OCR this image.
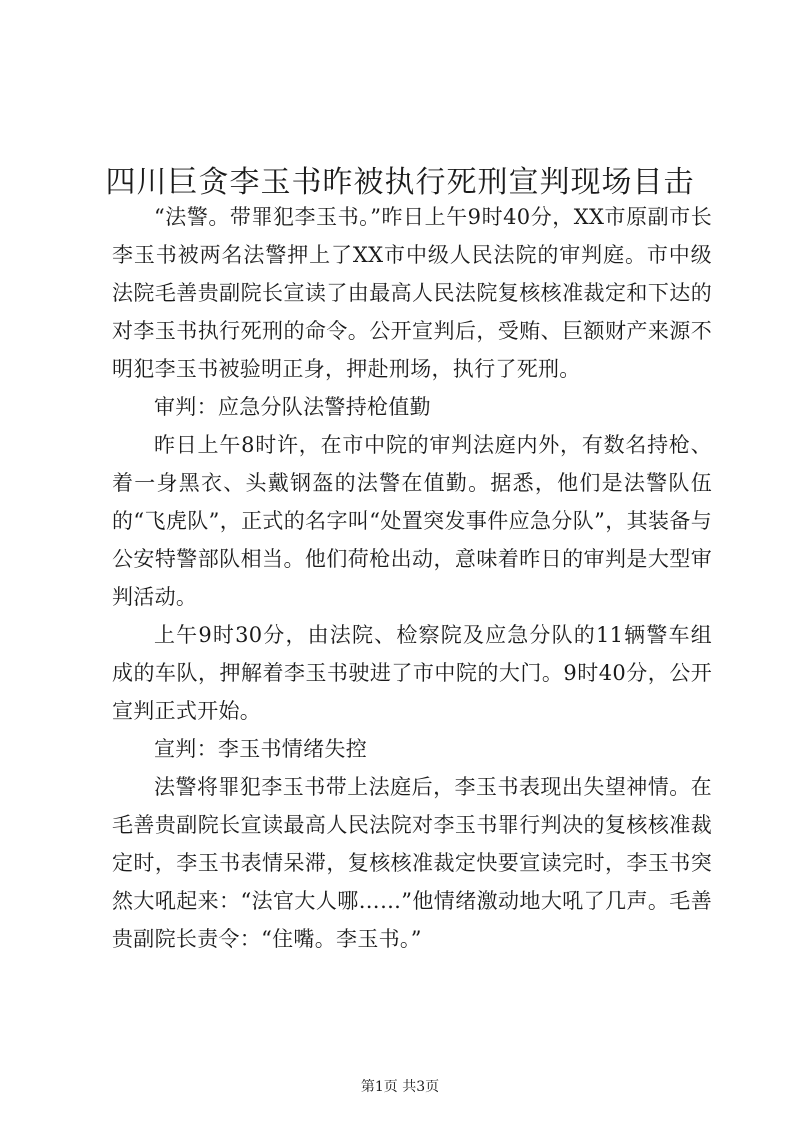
四川巨贪李玉书昨被执行死刑宣判现场目击

“法警。带罪犯李玉书。”昨日上午9时40分，XX市原副市长李玉书被两名法警押上了XX市中级人民法院的审判庭。市中级法院毛善贵副院长宣读了由最高人民法院复核核准裁定和下达的对李玉书执行死刑的命令。公开宣判后，受贿、巨额财产来源不明犯李玉书被验明正身，押赴刑场，执行了死刑。

审判：应急分队法警持枪值勤

昨日上午8时许，在市中院的审判法庭内外，有数名持枪、着一身黑衣、头戴钢盔的法警在值勤。据悉，他们是法警队伍的“飞虎队”，正式的名字叫“处置突发事件应急分队”，其装备与公安特警部队相当。他们荷枪出动，意味着昨日的审判是大型审判活动。

上午9时30分，由法院、检察院及应急分队的11辆警车组成的车队，押解着李玉书驶进了市中院的大门。9时40分，公开宣判正式开始。

宣判：李玉书情绪失控

法警将罪犯李玉书带上法庭后，李玉书表现出失望神情。在毛善贵副院长宣读最高人民法院对李玉书罪行判决的复核核准裁定时，李玉书表情呆滞，复核核准裁定快要宣读完时，李玉书突然大吼起来：“法官大人哪……”他情绪激动地大吼了几声。毛善贵副院长责令：“住嘴。李玉书。”

第1页 共3页
